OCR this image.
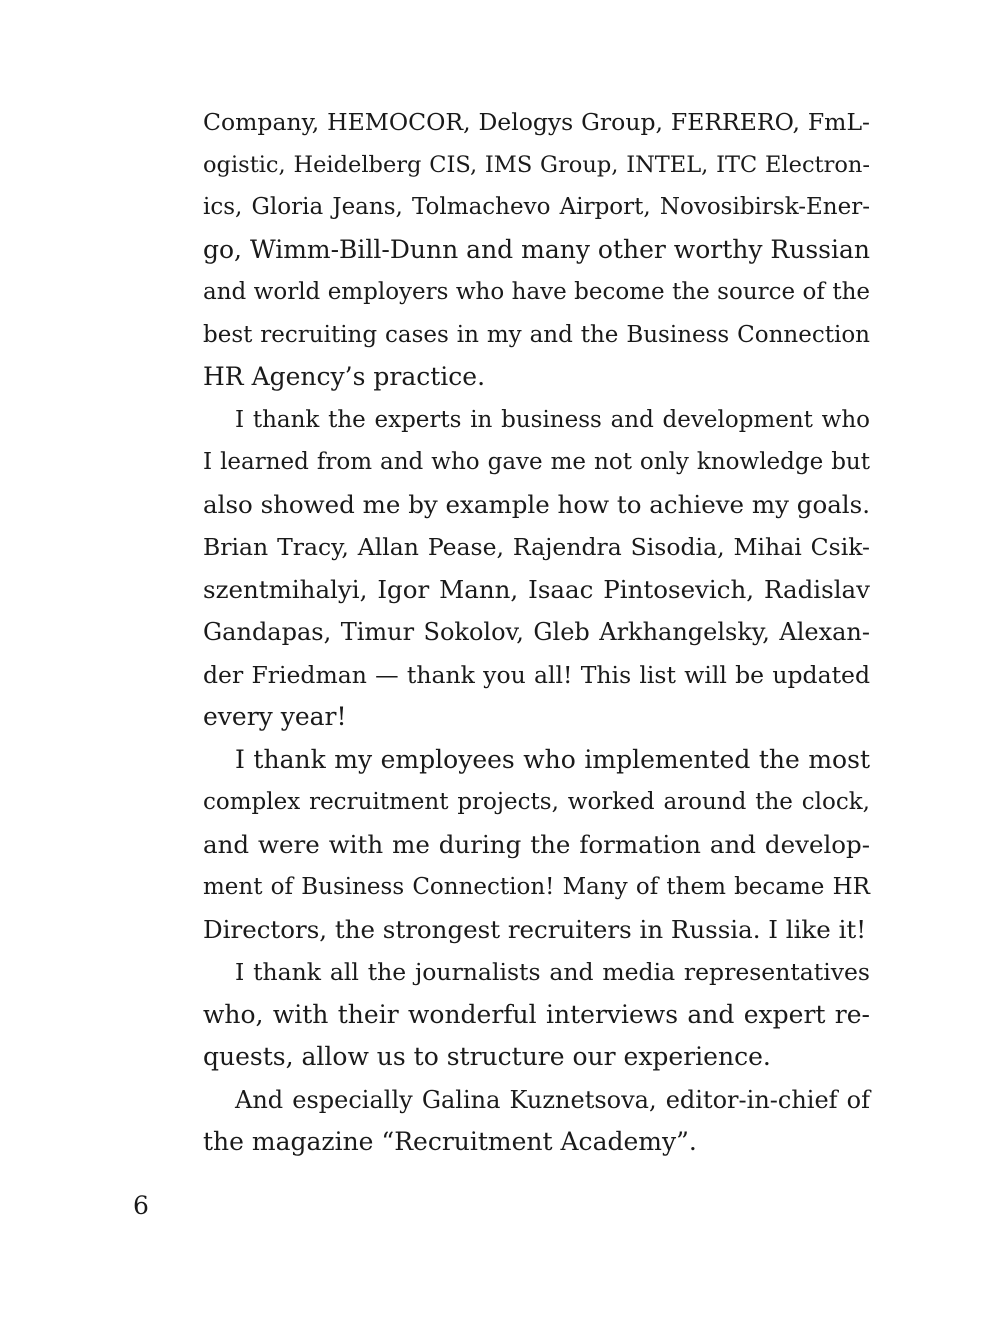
Company, HEMOCOR, Delogys Group, FERRERO, FmL-
ogistic, Heidelberg CIS, IMS Group, INTEL, ITC Electron-
ics, Gloria Jeans, Tolmachevo Airport, Novosibirsk-Ener-
go, Wimm-Bill-Dunn and many other worthy Russian
and world employers who have become the source of the
best recruiting cases in my and the Business Connection
HR Agency’s practice.
I thank the experts in business and development who
I learned from and who gave me not only knowledge but
also showed me by example how to achieve my goals.
Brian Tracy, Allan Pease, Rajendra Sisodia, Mihai Csik-
szentmihalyi, Igor Mann, Isaac Pintosevich, Radislav
Gandapas, Timur Sokolov, Gleb Arkhangelsky, Alexan-
der Friedman — thank you all! This list will be updated
every year!
I thank my employees who implemented the most
complex recruitment projects, worked around the clock,
and were with me during the formation and develop-
ment of Business Connection! Many of them became HR
Directors, the strongest recruiters in Russia. I like it!
I thank all the journalists and media representatives
who, with their wonderful interviews and expert re-
quests, allow us to structure our experience.
And especially Galina Kuznetsova, editor-in-chief of
the magazine “Recruitment Academy”.
6
